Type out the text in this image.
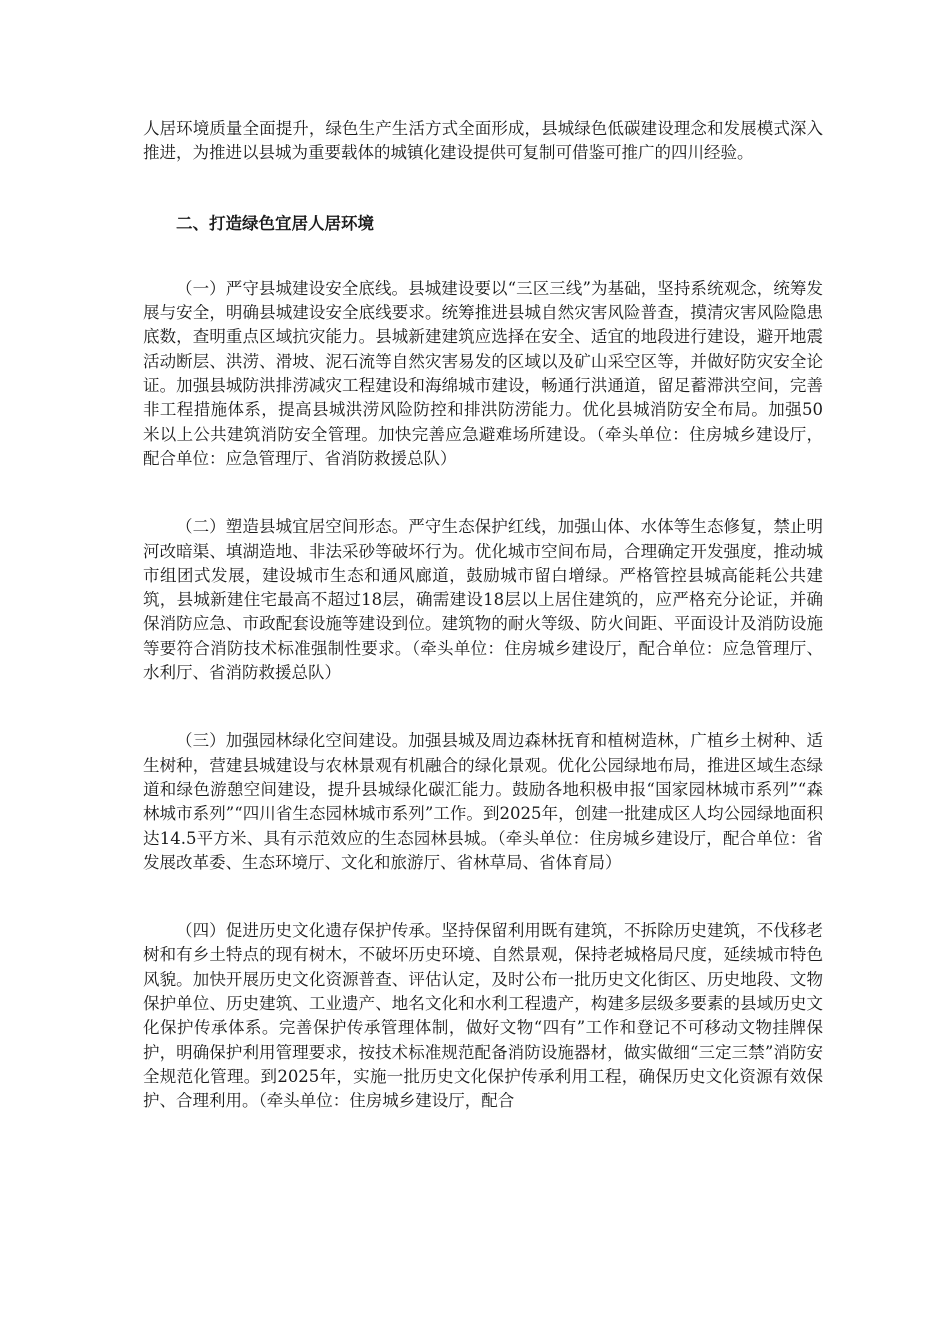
人居环境质量全面提升，绿色生产生活方式全面形成，县城绿色低碳建设理念和发展模式深入推进，为推进以县城为重要载体的城镇化建设提供可复制可借鉴可推广的四川经验。

二、打造绿色宜居人居环境

（一）严守县城建设安全底线。县城建设要以“三区三线”为基础，坚持系统观念，统筹发展与安全，明确县城建设安全底线要求。统筹推进县城自然灾害风险普查，摸清灾害风险隐患底数，查明重点区域抗灾能力。县城新建建筑应选择在安全、适宜的地段进行建设，避开地震活动断层、洪涝、滑坡、泥石流等自然灾害易发的区域以及矿山采空区等，并做好防灾安全论证。加强县城防洪排涝减灾工程建设和海绵城市建设，畅通行洪通道，留足蓄滞洪空间，完善非工程措施体系，提高县城洪涝风险防控和排洪防涝能力。优化县城消防安全布局。加强50米以上公共建筑消防安全管理。加快完善应急避难场所建设。（牵头单位：住房城乡建设厅，配合单位：应急管理厅、省消防救援总队）

（二）塑造县城宜居空间形态。严守生态保护红线，加强山体、水体等生态修复，禁止明河改暗渠、填湖造地、非法采砂等破坏行为。优化城市空间布局，合理确定开发强度，推动城市组团式发展，建设城市生态和通风廊道，鼓励城市留白增绿。严格管控县城高能耗公共建筑，县城新建住宅最高不超过18层，确需建设18层以上居住建筑的，应严格充分论证，并确保消防应急、市政配套设施等建设到位。建筑物的耐火等级、防火间距、平面设计及消防设施等要符合消防技术标准强制性要求。（牵头单位：住房城乡建设厅，配合单位：应急管理厅、水利厅、省消防救援总队）

（三）加强园林绿化空间建设。加强县城及周边森林抚育和植树造林，广植乡土树种、适生树种，营建县城建设与农林景观有机融合的绿化景观。优化公园绿地布局，推进区域生态绿道和绿色游憩空间建设，提升县城绿化碳汇能力。鼓励各地积极申报“国家园林城市系列”“森林城市系列”“四川省生态园林城市系列”工作。到2025年，创建一批建成区人均公园绿地面积达14.5平方米、具有示范效应的生态园林县城。（牵头单位：住房城乡建设厅，配合单位：省发展改革委、生态环境厅、文化和旅游厅、省林草局、省体育局）

（四）促进历史文化遗存保护传承。坚持保留利用既有建筑，不拆除历史建筑，不伐移老树和有乡土特点的现有树木，不破坏历史环境、自然景观，保持老城格局尺度，延续城市特色风貌。加快开展历史文化资源普查、评估认定，及时公布一批历史文化街区、历史地段、文物保护单位、历史建筑、工业遗产、地名文化和水利工程遗产，构建多层级多要素的县域历史文化保护传承体系。完善保护传承管理体制，做好文物“四有”工作和登记不可移动文物挂牌保护，明确保护利用管理要求，按技术标准规范配备消防设施器材，做实做细“三定三禁”消防安全规范化管理。到2025年，实施一批历史文化保护传承利用工程，确保历史文化资源有效保护、合理利用。（牵头单位：住房城乡建设厅，配合
